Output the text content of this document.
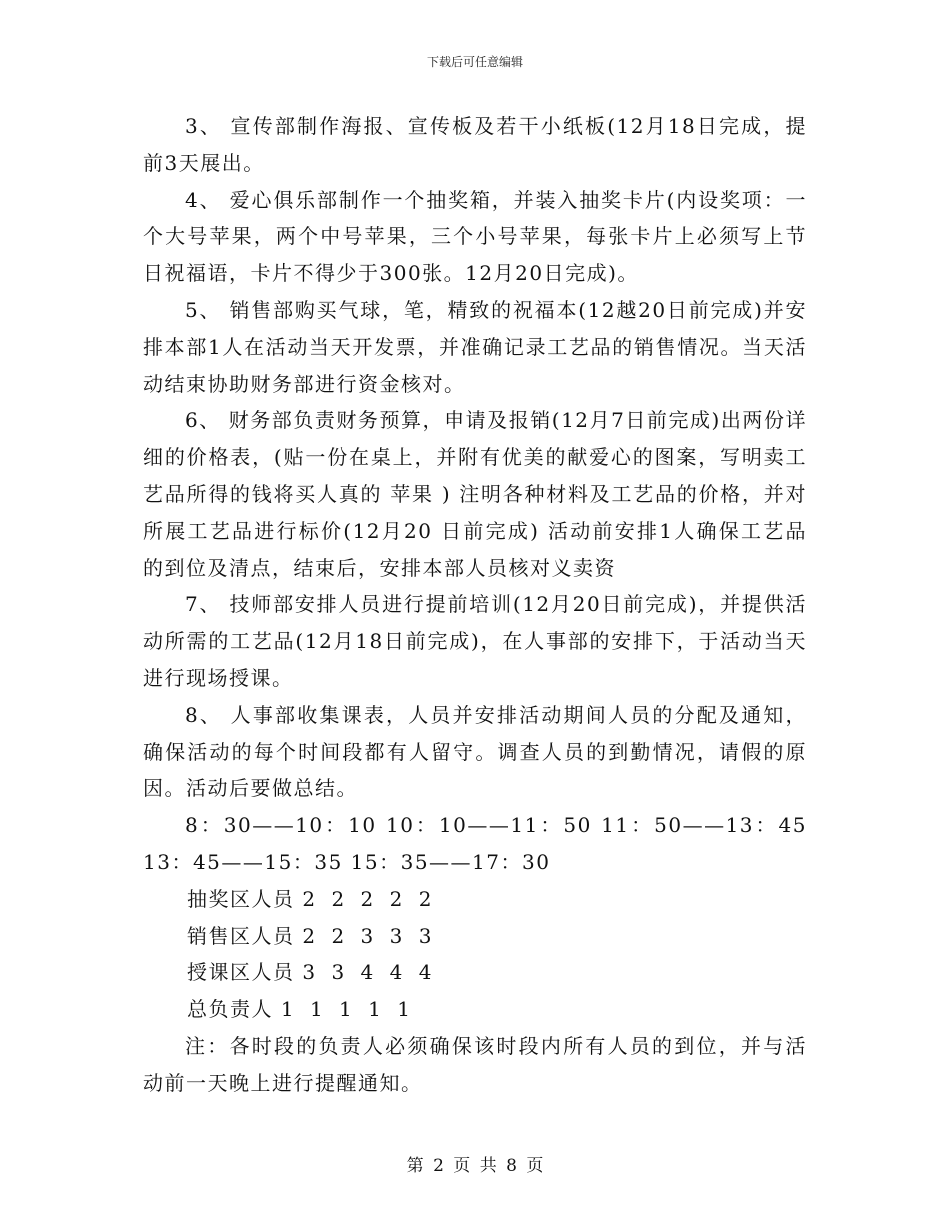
下载后可任意编辑

3、 宣传部制作海报、宣传板及若干小纸板(12月18日完成，提前3天展出。

4、 爱心俱乐部制作一个抽奖箱，并装入抽奖卡片(内设奖项：一个大号苹果，两个中号苹果，三个小号苹果，每张卡片上必须写上节日祝福语，卡片不得少于300张。12月20日完成)。

5、 销售部购买气球，笔，精致的祝福本(12越20日前完成)并安排本部1人在活动当天开发票，并准确记录工艺品的销售情况。当天活动结束协助财务部进行资金核对。

6、 财务部负责财务预算，申请及报销(12月7日前完成)出两份详细的价格表，(贴一份在桌上，并附有优美的献爱心的图案，写明卖工艺品所得的钱将买人真的 苹果 ) 注明各种材料及工艺品的价格，并对所展工艺品进行标价(12月20 日前完成) 活动前安排1人确保工艺品的到位及清点，结束后，安排本部人员核对义卖资

7、 技师部安排人员进行提前培训(12月20日前完成)，并提供活动所需的工艺品(12月18日前完成)，在人事部的安排下，于活动当天进行现场授课。

8、 人事部收集课表，人员并安排活动期间人员的分配及通知，确保活动的每个时间段都有人留守。调查人员的到勤情况，请假的原因。活动后要做总结。

8：30——10：10 10：10——11：50 11：50——13：45 13：45——15：35 15：35——17：30

抽奖区人员 2 2 2 2 2
销售区人员 2 2 3 3 3
授课区人员 3 3 4 4 4
总负责人 1 1 1 1 1

注：各时段的负责人必须确保该时段内所有人员的到位，并与活动前一天晚上进行提醒通知。

第 2 页 共 8 页
